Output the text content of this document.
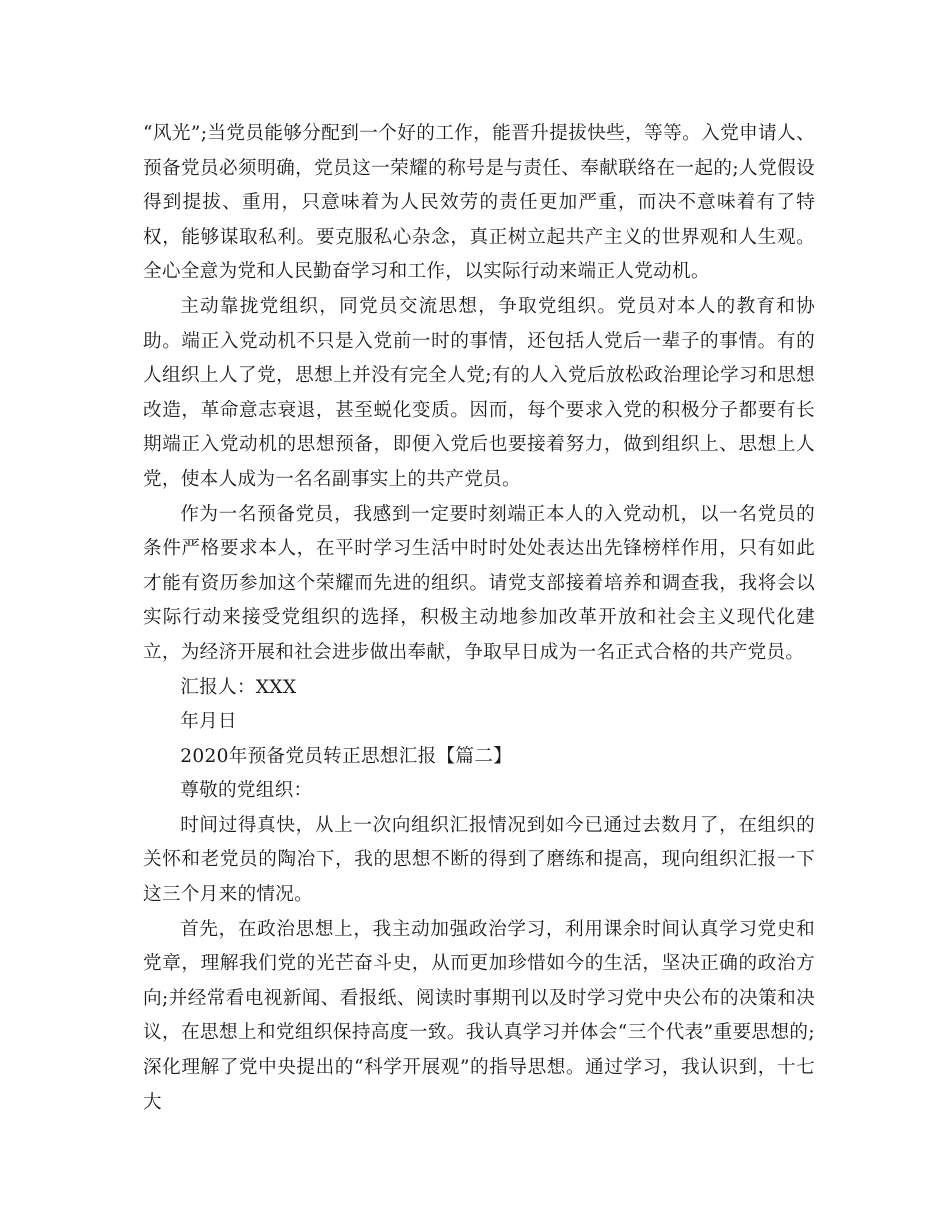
“风光”;当党员能够分配到一个好的工作，能晋升提拔快些，等等。入党申请人、预备党员必须明确，党员这一荣耀的称号是与责任、奉献联络在一起的;人党假设得到提拔、重用，只意味着为人民效劳的责任更加严重，而决不意味着有了特权，能够谋取私利。要克服私心杂念，真正树立起共产主义的世界观和人生观。全心全意为党和人民勤奋学习和工作，以实际行动来端正人党动机。

主动靠拢党组织，同党员交流思想，争取党组织。党员对本人的教育和协助。端正入党动机不只是入党前一时的事情，还包括人党后一辈子的事情。有的人组织上人了党，思想上并没有完全人党;有的人入党后放松政治理论学习和思想改造，革命意志衰退，甚至蜕化变质。因而，每个要求入党的积极分子都要有长期端正入党动机的思想预备，即便入党后也要接着努力，做到组织上、思想上人党，使本人成为一名名副事实上的共产党员。

作为一名预备党员，我感到一定要时刻端正本人的入党动机，以一名党员的条件严格要求本人，在平时学习生活中时时处处表达出先锋榜样作用，只有如此才能有资历参加这个荣耀而先进的组织。请党支部接着培养和调查我，我将会以实际行动来接受党组织的选择，积极主动地参加改革开放和社会主义现代化建立，为经济开展和社会进步做出奉献，争取早日成为一名正式合格的共产党员。

汇报人：XXX

年月日

2020年预备党员转正思想汇报【篇二】

尊敬的党组织：

时间过得真快，从上一次向组织汇报情况到如今已通过去数月了，在组织的关怀和老党员的陶冶下，我的思想不断的得到了磨练和提高，现向组织汇报一下这三个月来的情况。

首先，在政治思想上，我主动加强政治学习，利用课余时间认真学习党史和党章，理解我们党的光芒奋斗史，从而更加珍惜如今的生活，坚决正确的政治方向;并经常看电视新闻、看报纸、阅读时事期刊以及时学习党中央公布的决策和决议，在思想上和党组织保持高度一致。我认真学习并体会“三个代表”重要思想的;深化理解了党中央提出的“科学开展观”的指导思想。通过学习，我认识到，十七大
